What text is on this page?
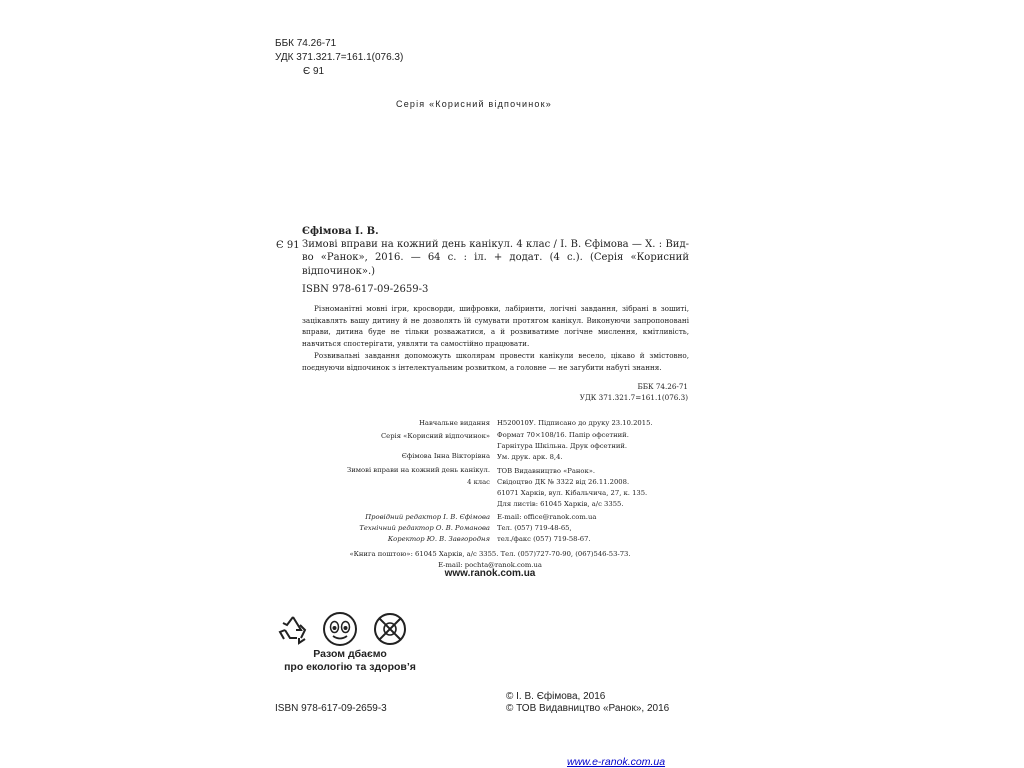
ББК 74.26-71
УДК 371.321.7=161.1(076.3)
Є 91
Серія «Корисний відпочинок»
Єфімова І. В.
Є 91 Зимові вправи на кожний день канікул. 4 клас / І. В. Єфімова — Х. : Вид-во «Ранок», 2016. — 64 с. : іл. + додат. (4 с.). (Серія «Корисний відпочинок».)
ISBN 978-617-09-2659-3
Різноманітні мовні ігри, кросворди, шифровки, лабіринти, логічні завдання, зібрані в зошиті, зацікавлять вашу дитину й не дозволять їй сумувати протягом канікул. Виконуючи запропоновані вправи, дитина буде не тільки розважатися, а й розвиватиме логічне мислення, кмітливість, навчиться спостерігати, уявляти та самостійно працювати.
Розвивальні завдання допоможуть школярам провести канікули весело, цікаво й змістовно, поєднуючи відпочинок з інтелектуальним розвитком, а головне — не загубити набуті знання.
ББК 74.26-71
УДК 371.321.7=161.1(076.3)
Навчальне видання
Серія «Корисний відпочинок»
Єфімова Інна Вікторівна
Зимові вправи на кожний день канікул.
4 клас
Н520010У. Підписано до друку 23.10.2015.
Формат 70×108/16. Папір офсетний.
Гарнітура Шкільна. Друк офсетний.
Ум. друк. арк. 8,4.
ТОВ Видавництво «Ранок».
Свідоцтво ДК № 3322 від 26.11.2008.
61071 Харків, вул. Кібальчича, 27, к. 135.
Для листів: 61045 Харків, а/с 3355.
Провідний редактор І. В. Єфімова
Технічний редактор О. В. Романова
Коректор Ю. В. Завгородня
E-mail: office@ranok.com.ua
Тел. (057) 719-48-65,
тел./факс (057) 719-58-67.
«Книга поштою»: 61045 Харків, а/с 3355. Тел. (057)727-70-90, (067)546-53-73.
E-mail: pochta@ranok.com.ua
www.ranok.com.ua
Разом дбаємо
про екологію та здоров’я
ISBN 978-617-09-2659-3
© І. В. Єфімова, 2016
© ТОВ Видавництво «Ранок», 2016
www.e-ranok.com.ua
